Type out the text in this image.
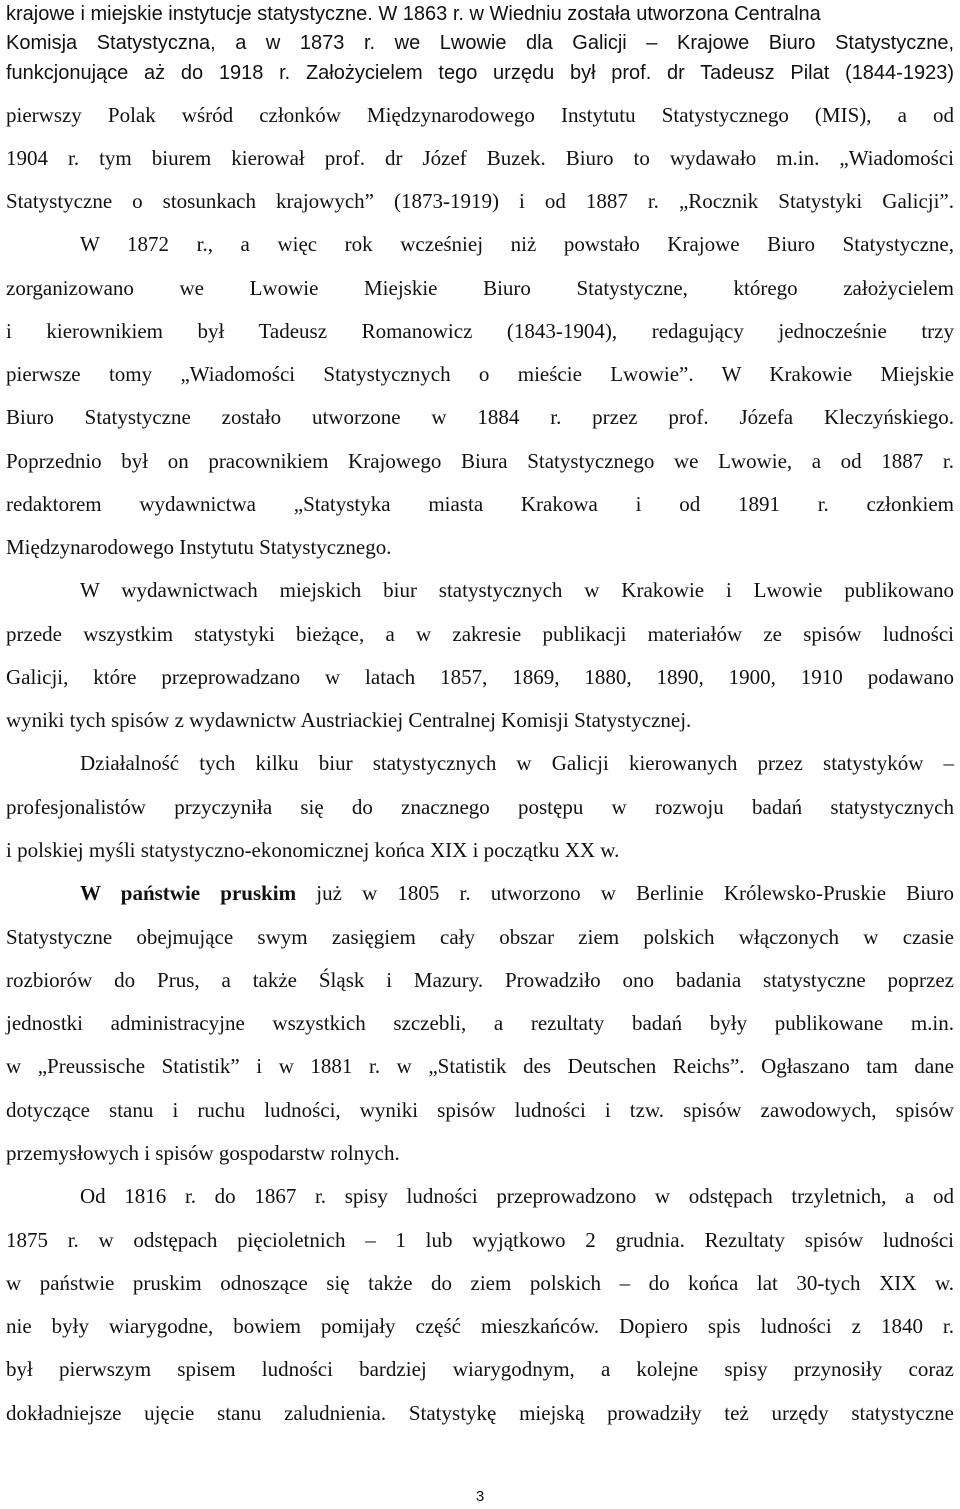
krajowe i miejskie instytucje statystyczne. W 1863 r. w Wiedniu została utworzona Centralna
Komisja Statystyczna, a w 1873 r. we Lwowie dla Galicji – Krajowe Biuro Statystyczne,
funkcjonujące aż do 1918 r. Założycielem tego urzędu był prof. dr Tadeusz Pilat (1844-1923)
pierwszy Polak wśród członków Międzynarodowego Instytutu Statystycznego (MIS), a od
1904 r. tym biurem kierował prof. dr Józef Buzek. Biuro to wydawało m.in. „Wiadomości
Statystyczne o stosunkach krajowych” (1873-1919) i od 1887 r. „Rocznik Statystyki Galicji”.
W 1872 r., a więc rok wcześniej niż powstało Krajowe Biuro Statystyczne,
zorganizowano we Lwowie Miejskie Biuro Statystyczne, którego założycielem
i kierownikiem był Tadeusz Romanowicz (1843-1904), redagujący jednocześnie trzy
pierwsze tomy „Wiadomości Statystycznych o mieście Lwowie”. W Krakowie Miejskie
Biuro Statystyczne zostało utworzone w 1884 r. przez prof. Józefa Kleczyńskiego.
Poprzednio był on pracownikiem Krajowego Biura Statystycznego we Lwowie, a od 1887 r.
redaktorem wydawnictwa „Statystyka miasta Krakowa i od 1891 r. członkiem
Międzynarodowego Instytutu Statystycznego.
W wydawnictwach miejskich biur statystycznych w Krakowie i Lwowie publikowano
przede wszystkim statystyki bieżące, a w zakresie publikacji materiałów ze spisów ludności
Galicji, które przeprowadzano w latach 1857, 1869, 1880, 1890, 1900, 1910 podawano
wyniki tych spisów z wydawnictw Austriackiej Centralnej Komisji Statystycznej.
Działalność tych kilku biur statystycznych w Galicji kierowanych przez statystyków –
profesjonalistów przyczyniła się do znacznego postępu w rozwoju badań statystycznych
i polskiej myśli statystyczno-ekonomicznej końca XIX i początku XX w.
W państwie pruskim już w 1805 r. utworzono w Berlinie Królewsko-Pruskie Biuro
Statystyczne obejmujące swym zasięgiem cały obszar ziem polskich włączonych w czasie
rozbiorów do Prus, a także Śląsk i Mazury. Prowadziło ono badania statystyczne poprzez
jednostki administracyjne wszystkich szczebli, a rezultaty badań były publikowane m.in.
w „Preussische Statistik” i w 1881 r. w „Statistik des Deutschen Reichs”. Ogłaszano tam dane
dotyczące stanu i ruchu ludności, wyniki spisów ludności i tzw. spisów zawodowych, spisów
przemysłowych i spisów gospodarstw rolnych.
Od 1816 r. do 1867 r. spisy ludności przeprowadzono w odstępach trzyletnich, a od
1875 r. w odstępach pięcioletnich – 1 lub wyjątkowo 2 grudnia. Rezultaty spisów ludności
w państwie pruskim odnoszące się także do ziem polskich – do końca lat 30-tych XIX w.
nie były wiarygodne, bowiem pomijały część mieszkańców. Dopiero spis ludności z 1840 r.
był pierwszym spisem ludności bardziej wiarygodnym, a kolejne spisy przynosiły coraz
dokładniejsze ujęcie stanu zaludnienia. Statystykę miejską prowadziły też urzędy statystyczne
3
